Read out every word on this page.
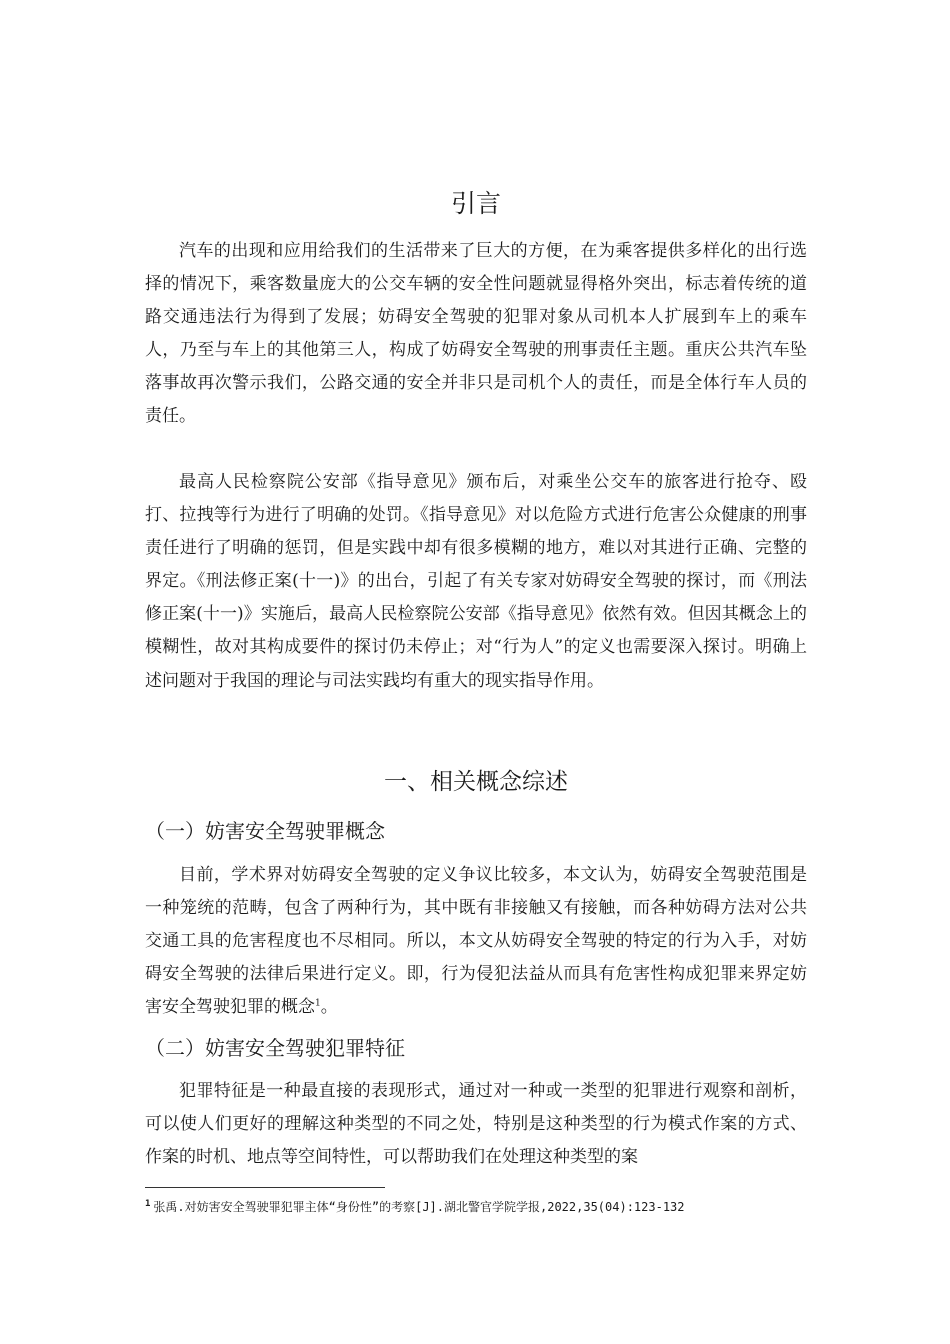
引言

汽车的出现和应用给我们的生活带来了巨大的方便，在为乘客提供多样化的出行选择的情况下，乘客数量庞大的公交车辆的安全性问题就显得格外突出，标志着传统的道路交通违法行为得到了发展；妨碍安全驾驶的犯罪对象从司机本人扩展到车上的乘车人，乃至与车上的其他第三人，构成了妨碍安全驾驶的刑事责任主题。重庆公共汽车坠落事故再次警示我们，公路交通的安全并非只是司机个人的责任，而是全体行车人员的责任。

最高人民检察院公安部《指导意见》颁布后，对乘坐公交车的旅客进行抢夺、殴打、拉拽等行为进行了明确的处罚。《指导意见》对以危险方式进行危害公众健康的刑事责任进行了明确的惩罚，但是实践中却有很多模糊的地方，难以对其进行正确、完整的界定。《刑法修正案(十一)》的出台，引起了有关专家对妨碍安全驾驶的探讨，而《刑法修正案(十一)》实施后，最高人民检察院公安部《指导意见》依然有效。但因其概念上的模糊性，故对其构成要件的探讨仍未停止；对“行为人”的定义也需要深入探讨。明确上述问题对于我国的理论与司法实践均有重大的现实指导作用。

一、相关概念综述
（一）妨害安全驾驶罪概念

目前，学术界对妨碍安全驾驶的定义争议比较多，本文认为，妨碍安全驾驶范围是一种笼统的范畴，包含了两种行为，其中既有非接触又有接触，而各种妨碍方法对公共交通工具的危害程度也不尽相同。所以，本文从妨碍安全驾驶的特定的行为入手，对妨碍安全驾驶的法律后果进行定义。即，行为侵犯法益从而具有危害性构成犯罪来界定妨害安全驾驶犯罪的概念$^1$。

（二）妨害安全驾驶犯罪特征

犯罪特征是一种最直接的表现形式，通过对一种或一类型的犯罪进行观察和剖析，可以使人们更好的理解这种类型的不同之处，特别是这种类型的行为模式作案的方式、作案的时机、地点等空间特性，可以帮助我们在处理这种类型的案

$^1$ 张禹.对妨害安全驾驶罪犯罪主体“身份性”的考察[J].湖北警官学院学报,2022,35(04):123-132
